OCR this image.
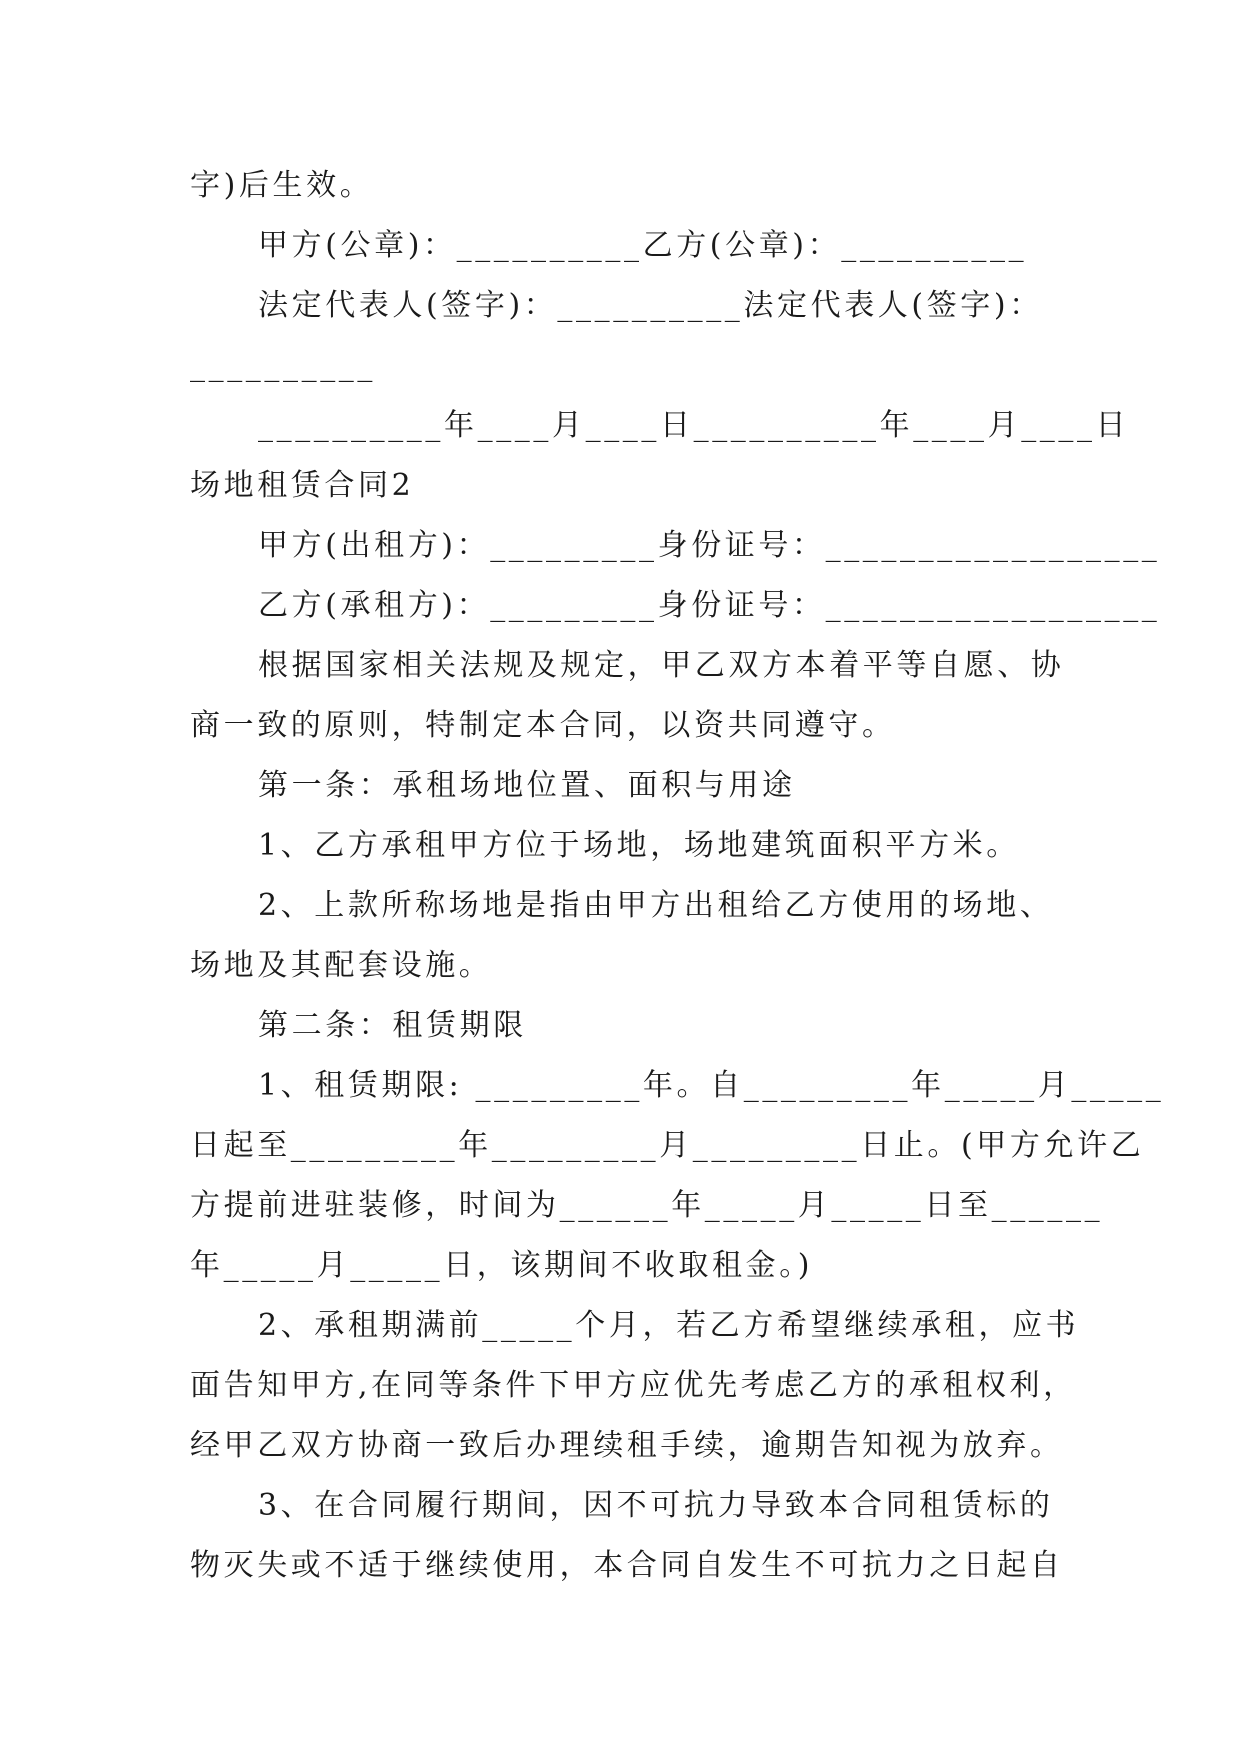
字)后生效。
甲方(公章)：__________乙方(公章)：__________
法定代表人(签字)：__________法定代表人(签字)：
__________
__________年____月____日__________年____月____日
场地租赁合同2
甲方(出租方)：_________身份证号：__________________
乙方(承租方)：_________身份证号：__________________
根据国家相关法规及规定，甲乙双方本着平等自愿、协
商一致的原则，特制定本合同，以资共同遵守。
第一条：承租场地位置、面积与用途
1、乙方承租甲方位于场地，场地建筑面积平方米。
2、上款所称场地是指由甲方出租给乙方使用的场地、
场地及其配套设施。
第二条：租赁期限
1、租赁期限: _________年。自_________年_____月_____
日起至_________年_________月_________日止。(甲方允许乙
方提前进驻装修，时间为______年_____月_____日至______
年_____月_____日，该期间不收取租金。)
2、承租期满前_____个月，若乙方希望继续承租，应书
面告知甲方,在同等条件下甲方应优先考虑乙方的承租权利，
经甲乙双方协商一致后办理续租手续，逾期告知视为放弃。
3、在合同履行期间，因不可抗力导致本合同租赁标的
物灭失或不适于继续使用，本合同自发生不可抗力之日起自
